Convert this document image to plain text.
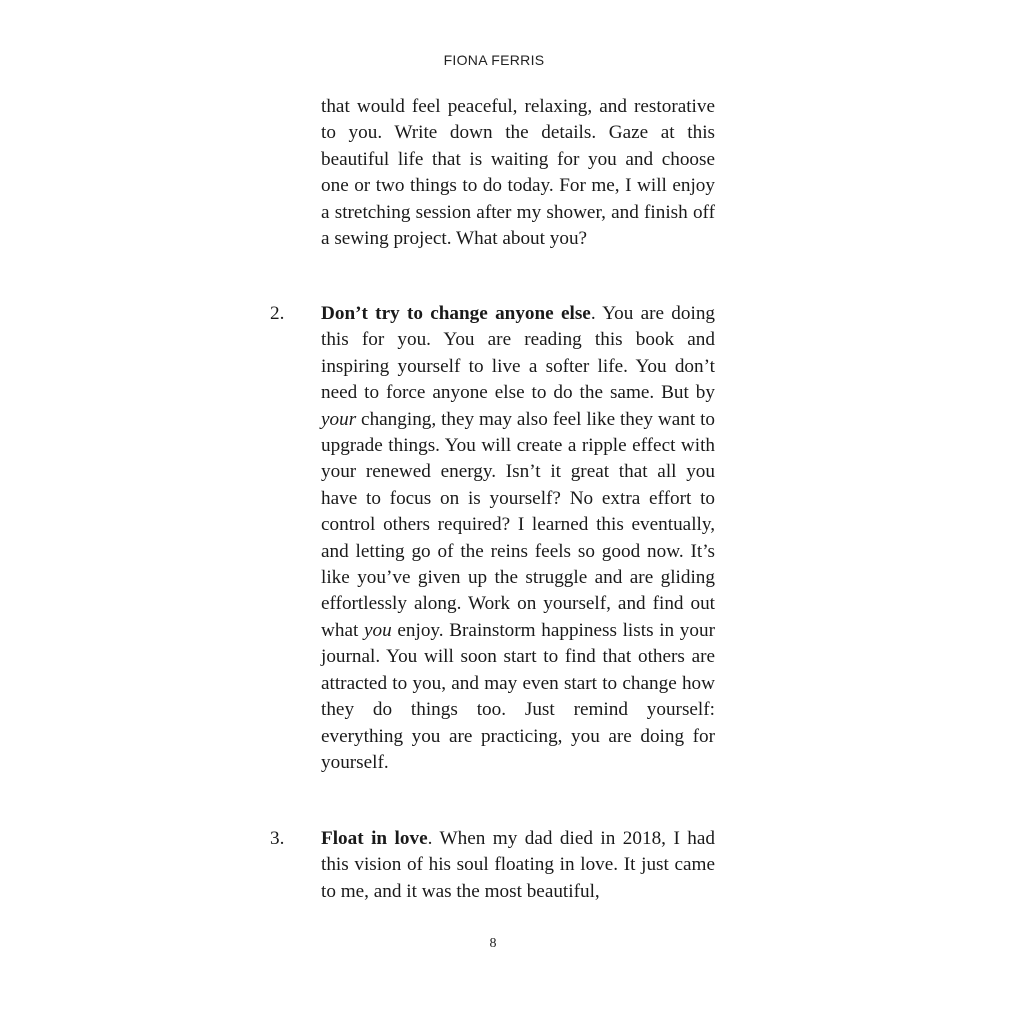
FIONA FERRIS

that would feel peaceful, relaxing, and restorative to you. Write down the details. Gaze at this beautiful life that is waiting for you and choose one or two things to do today. For me, I will enjoy a stretching session after my shower, and finish off a sewing project. What about you?

2. Don’t try to change anyone else. You are doing this for you. You are reading this book and inspiring yourself to live a softer life. You don’t need to force anyone else to do the same. But by your changing, they may also feel like they want to upgrade things. You will create a ripple effect with your renewed energy. Isn’t it great that all you have to focus on is yourself? No extra effort to control others required? I learned this eventually, and letting go of the reins feels so good now. It’s like you’ve given up the struggle and are gliding effortlessly along. Work on yourself, and find out what you enjoy. Brainstorm happiness lists in your journal. You will soon start to find that others are attracted to you, and may even start to change how they do things too. Just remind yourself: everything you are practicing, you are doing for yourself.

3. Float in love. When my dad died in 2018, I had this vision of his soul floating in love. It just came to me, and it was the most beautiful,

8
